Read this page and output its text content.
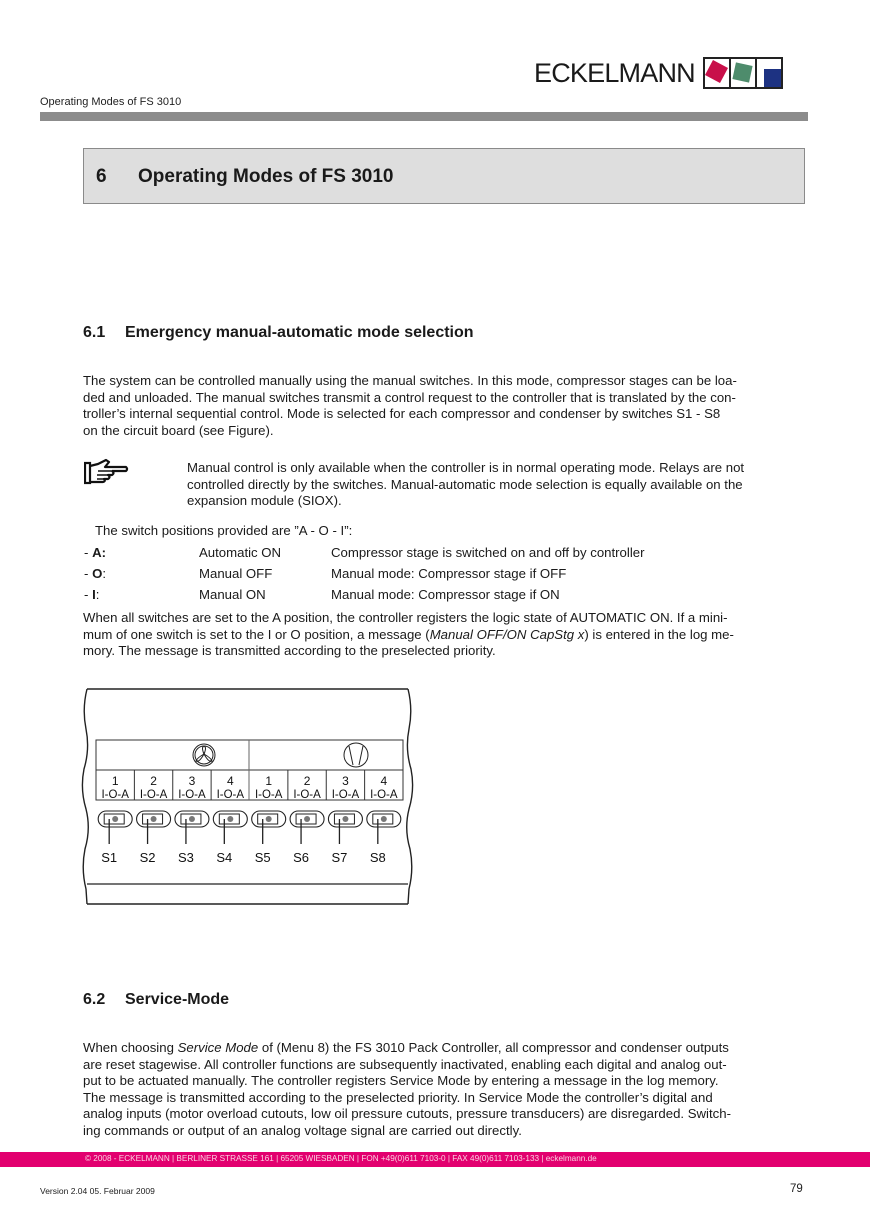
ECKELMANN
Operating Modes of FS 3010
6 Operating Modes of FS 3010
6.1 Emergency manual-automatic mode selection
The system can be controlled manually using the manual switches. In this mode, compressor stages can be loa-
ded and unloaded. The manual switches transmit a control request to the controller that is translated by the con-
troller’s internal sequential control. Mode is selected for each compressor and condenser by switches S1 - S8
on the circuit board (see Figure).
Manual control is only available when the controller is in normal operating mode. Relays are not
controlled directly by the switches. Manual-automatic mode selection is equally available on the
expansion module (SIOX).
The switch positions provided are ”A - O - I”:
- A:	Automatic ON	Compressor stage is switched on and off by controller
- O:	Manual OFF	Manual mode: Compressor stage if OFF
- I:	Manual ON	Manual mode: Compressor stage if ON
When all switches are set to the A position, the controller registers the logic state of AUTOMATIC ON. If a mini-
mum of one switch is set to the I or O position, a message (Manual OFF/ON CapStg x) is entered in the log me-
mory. The message is transmitted according to the preselected priority.
1
I-O-A
2
I-O-A
3
I-O-A
4
I-O-A
1
I-O-A
2
I-O-A
3
I-O-A
4
I-O-A
S1 S2 S3 S4 S5 S6 S7 S8
6.2 Service-Mode
When choosing Service Mode of (Menu 8) the FS 3010 Pack Controller, all compressor and condenser outputs
are reset stagewise. All controller functions are subsequently inactivated, enabling each digital and analog out-
put to be actuated manually. The controller registers Service Mode by entering a message in the log memory.
The message is transmitted according to the preselected priority. In Service Mode the controller’s digital and
analog inputs (motor overload cutouts, low oil pressure cutouts, pressure transducers) are disregarded. Switch-
ing commands or output of an analog voltage signal are carried out directly.
© 2008 - ECKELMANN | BERLINER STRASSE 161 | 65205 WIESBADEN | FON +49(0)611 7103-0 | FAX 49(0)611 7103-133 | eckelmann.de
Version 2.04 05. Februar 2009	79
